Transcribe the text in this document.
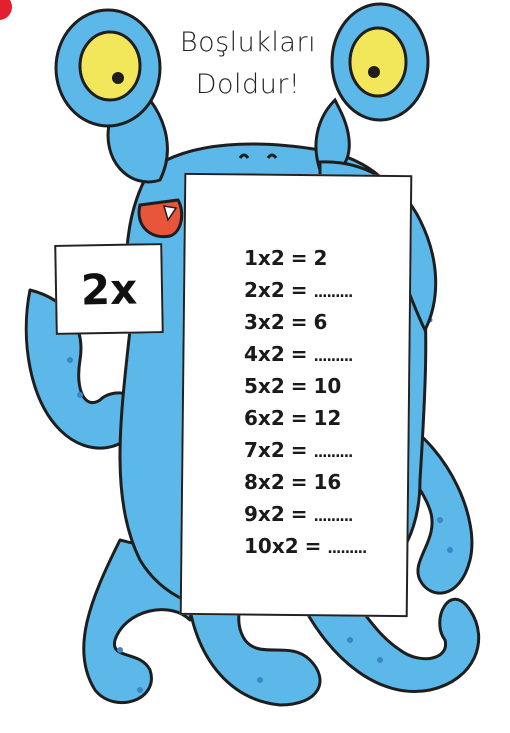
Boşlukları
Doldur!
2x
1x2 = 2
2x2 = .........
3x2 = 6
4x2 = .........
5x2 = 10
6x2 = 12
7x2 = .........
8x2 = 16
9x2 = .........
10x2 = .........
